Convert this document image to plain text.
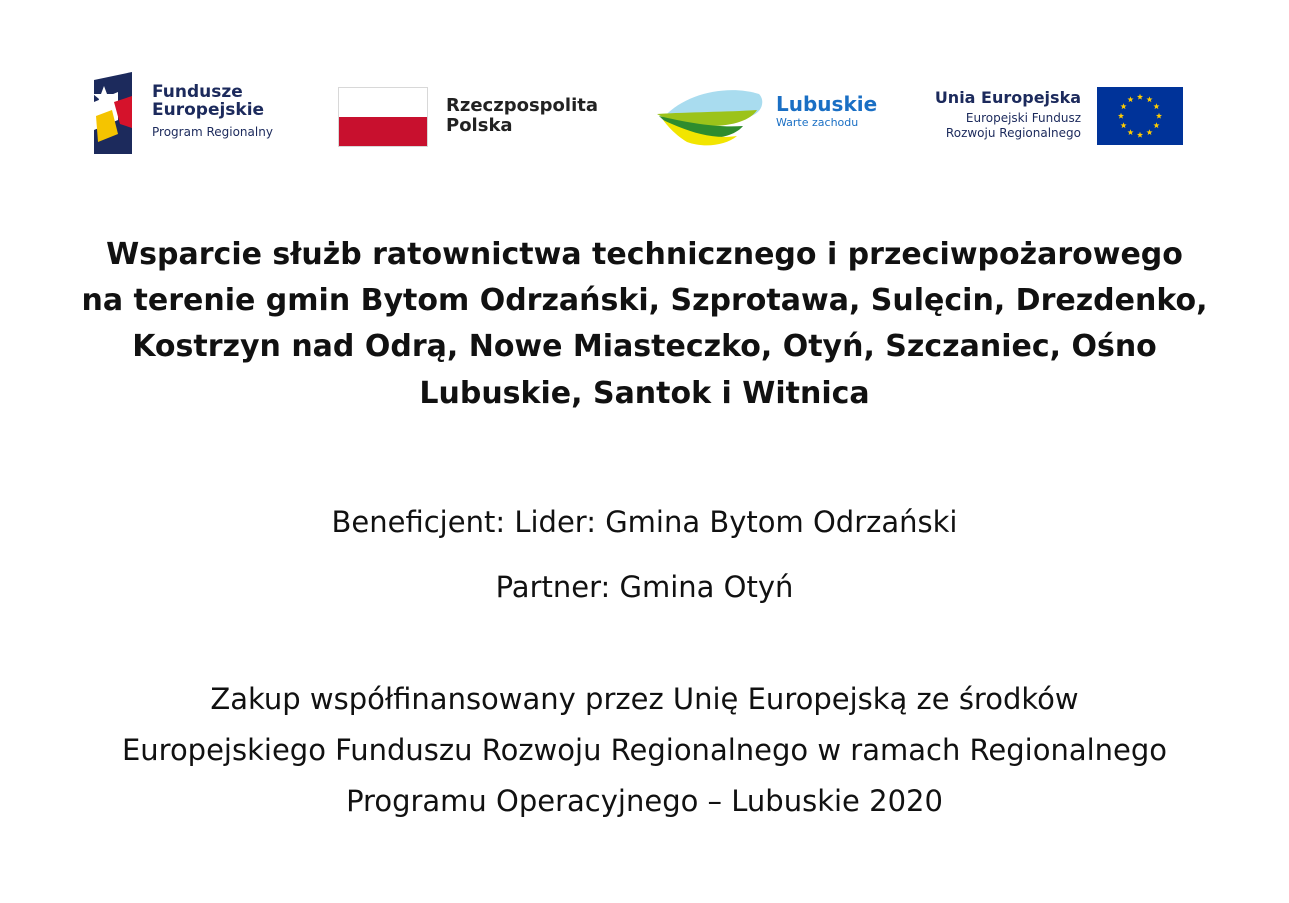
Fundusze
Europejskie
Program Regionalny
Rzeczpospolita
Polska
Lubuskie
Warte zachodu
Unia Europejska
Europejski Fundusz
Rozwoju Regionalnego
Wsparcie służb ratownictwa technicznego i przeciwpożarowego
na terenie gmin Bytom Odrzański, Szprotawa, Sulęcin, Drezdenko,
Kostrzyn nad Odrą, Nowe Miasteczko, Otyń, Szczaniec, Ośno
Lubuskie, Santok i Witnica

Beneficjent: Lider: Gmina Bytom Odrzański

Partner: Gmina Otyń

Zakup współfinansowany przez Unię Europejską ze środków
Europejskiego Funduszu Rozwoju Regionalnego w ramach Regionalnego
Programu Operacyjnego – Lubuskie 2020
